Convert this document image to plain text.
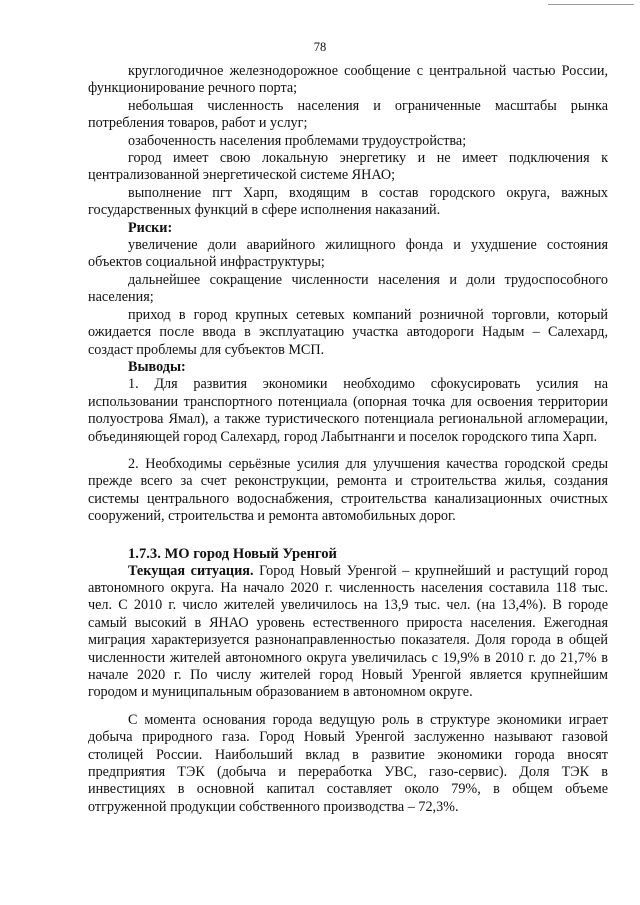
78

круглогодичное железнодорожное сообщение с центральной частью России, функционирование речного порта;

небольшая численность населения и ограниченные масштабы рынка потребления товаров, работ и услуг;

озабоченность населения проблемами трудоустройства;

город имеет свою локальную энергетику и не имеет подключения к централизованной энергетической системе ЯНАО;

выполнение пгт Харп, входящим в состав городского округа, важных государственных функций в сфере исполнения наказаний.

Риски:

увеличение доли аварийного жилищного фонда и ухудшение состояния объектов социальной инфраструктуры;

дальнейшее сокращение численности населения и доли трудоспособного населения;

приход в город крупных сетевых компаний розничной торговли, который ожидается после ввода в эксплуатацию участка автодороги Надым – Салехард, создаст проблемы для субъектов МСП.

Выводы:

1. Для развития экономики необходимо сфокусировать усилия на использовании транспортного потенциала (опорная точка для освоения территории полуострова Ямал), а также туристического потенциала региональной агломерации, объединяющей город Салехард, город Лабытнанги и поселок городского типа Харп.

2. Необходимы серьёзные усилия для улучшения качества городской среды прежде всего за счет реконструкции, ремонта и строительства жилья, создания системы центрального водоснабжения, строительства канализационных очистных сооружений, строительства и ремонта автомобильных дорог.

1.7.3. МО город Новый Уренгой

Текущая ситуация. Город Новый Уренгой – крупнейший и растущий город автономного округа. На начало 2020 г. численность населения составила 118 тыс. чел. С 2010 г. число жителей увеличилось на 13,9 тыс. чел. (на 13,4%). В городе самый высокий в ЯНАО уровень естественного прироста населения. Ежегодная миграция характеризуется разнонаправленностью показателя. Доля города в общей численности жителей автономного округа увеличилась с 19,9% в 2010 г. до 21,7% в начале 2020 г. По числу жителей город Новый Уренгой является крупнейшим городом и муниципальным образованием в автономном округе.

С момента основания города ведущую роль в структуре экономики играет добыча природного газа. Город Новый Уренгой заслуженно называют газовой столицей России. Наибольший вклад в развитие экономики города вносят предприятия ТЭК (добыча и переработка УВС, газо-сервис). Доля ТЭК в инвестициях в основной капитал составляет около 79%, в общем объеме отгруженной продукции собственного производства – 72,3%.
